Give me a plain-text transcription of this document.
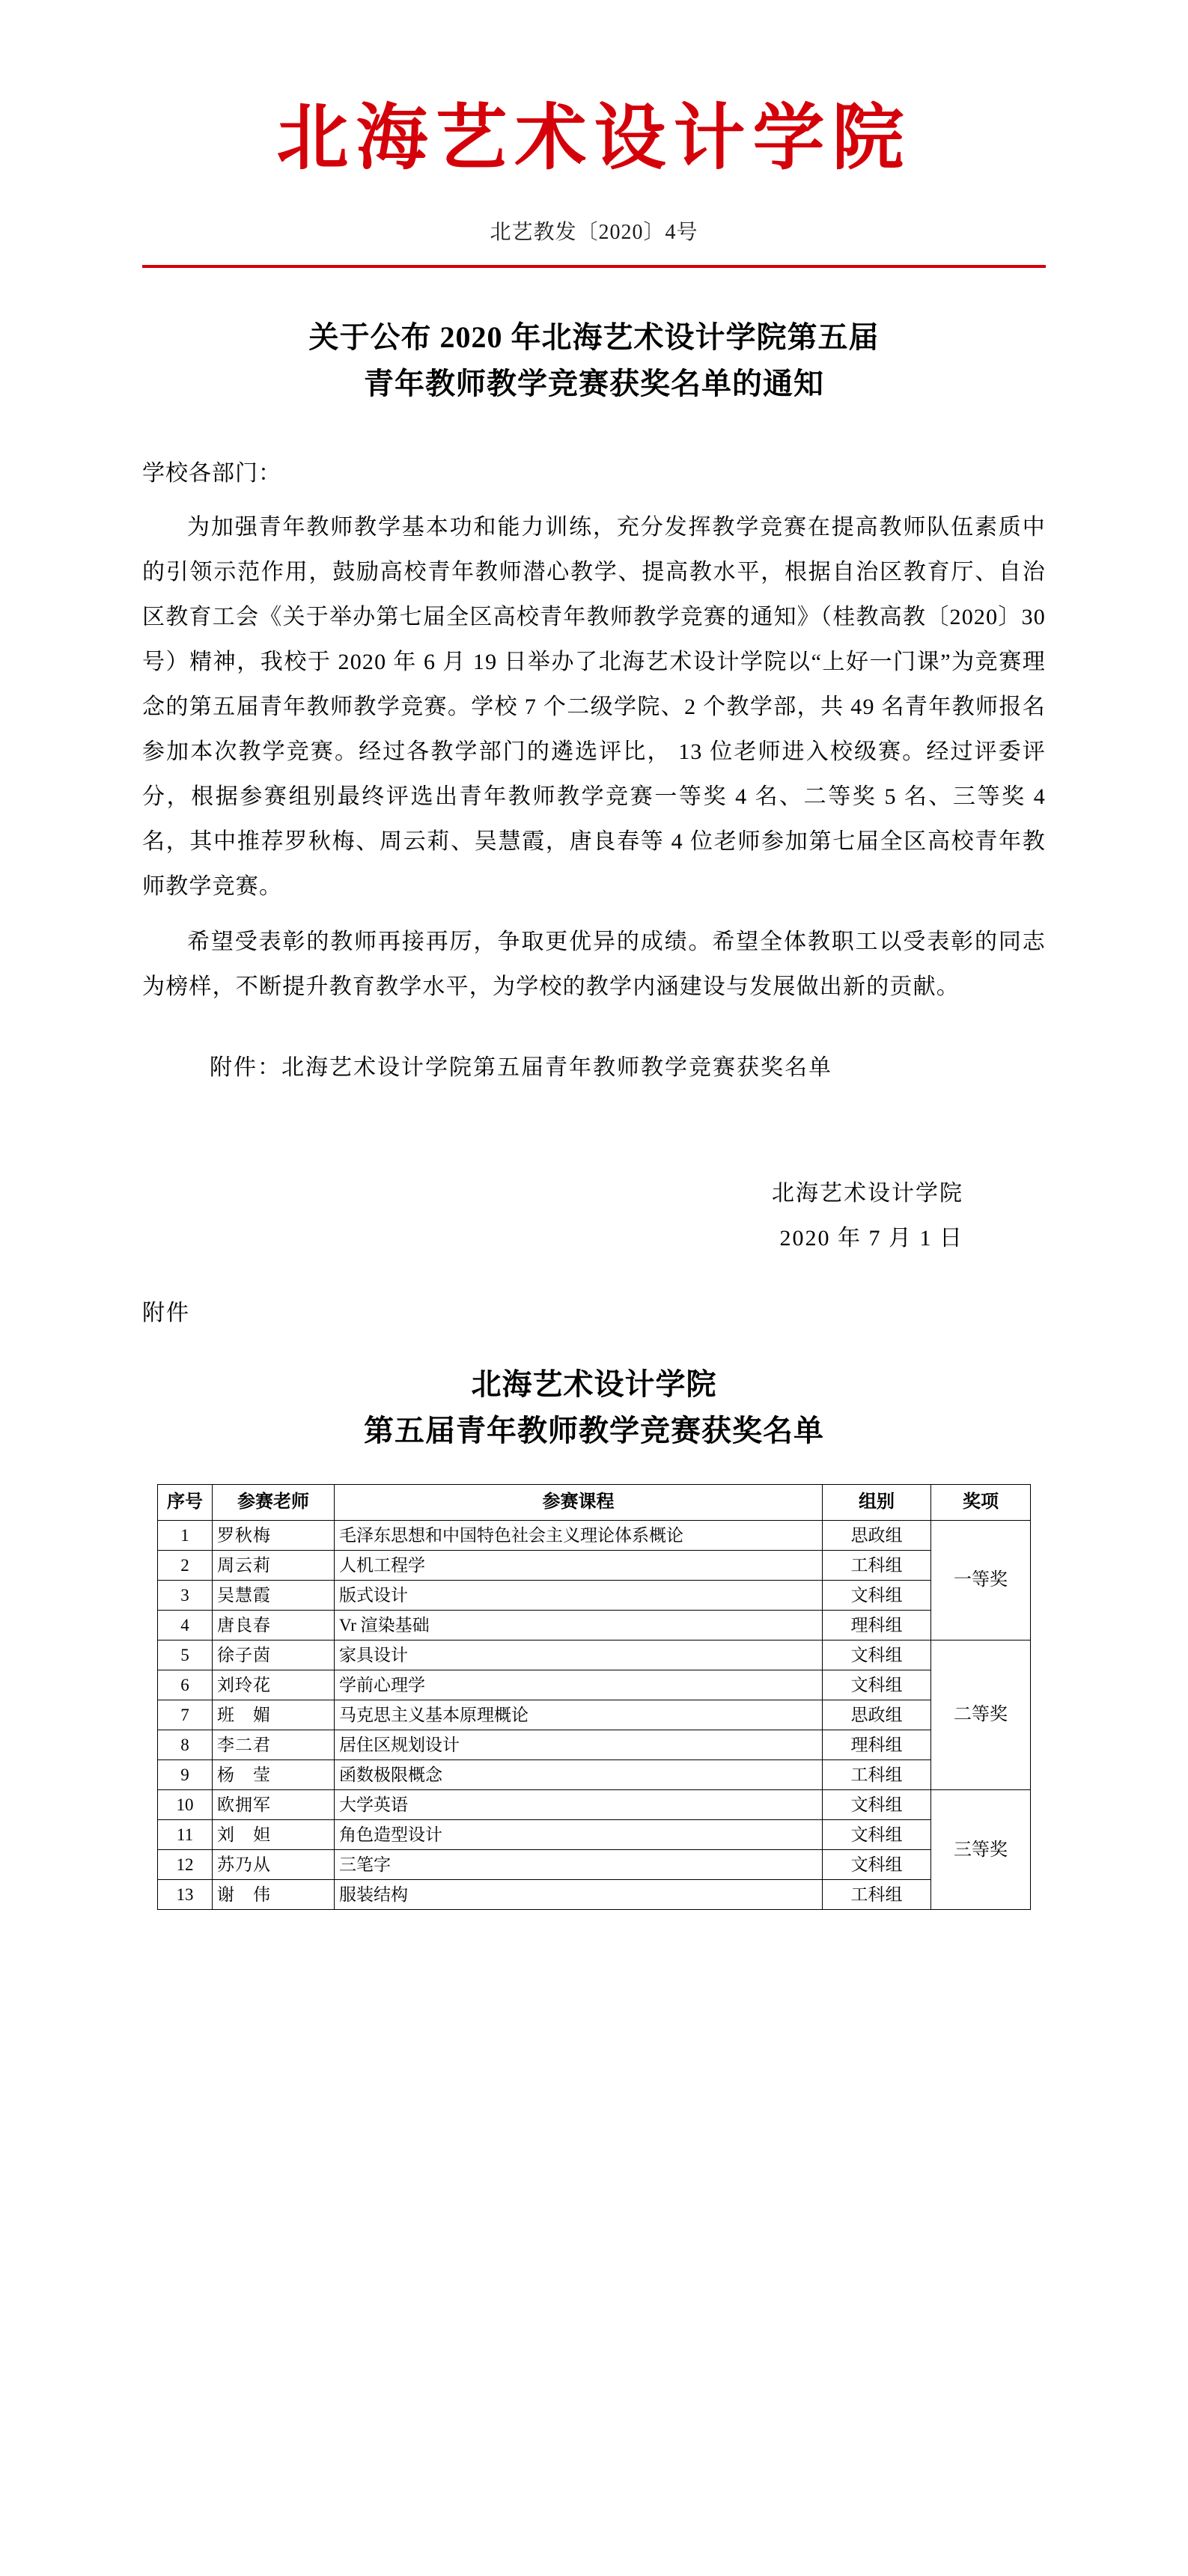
北海艺术设计学院
北艺教发〔2020〕4号
关于公布 2020 年北海艺术设计学院第五届
青年教师教学竞赛获奖名单的通知
学校各部门：
为加强青年教师教学基本功和能力训练，充分发挥教学竞赛在提高教师队伍素质中的引领示范作用，鼓励高校青年教师潜心教学、提高教水平，根据自治区教育厅、自治区教育工会《关于举办第七届全区高校青年教师教学竞赛的通知》（桂教高教〔2020〕30 号）精神，我校于 2020 年 6 月 19 日举办了北海艺术设计学院以“上好一门课”为竞赛理念的第五届青年教师教学竞赛。学校 7 个二级学院、2 个教学部，共 49 名青年教师报名参加本次教学竞赛。经过各教学部门的遴选评比， 13 位老师进入校级赛。经过评委评分，根据参赛组别最终评选出青年教师教学竞赛一等奖 4 名、二等奖 5 名、三等奖 4 名，其中推荐罗秋梅、周云莉、吴慧霞，唐良春等 4 位老师参加第七届全区高校青年教师教学竞赛。
希望受表彰的教师再接再厉，争取更优异的成绩。希望全体教职工以受表彰的同志为榜样，不断提升教育教学水平，为学校的教学内涵建设与发展做出新的贡献。
附件：北海艺术设计学院第五届青年教师教学竞赛获奖名单
北海艺术设计学院
2020 年 7 月 1 日
附件
北海艺术设计学院
第五届青年教师教学竞赛获奖名单
序号	参赛老师	参赛课程	组别	奖项
1	罗秋梅	毛泽东思想和中国特色社会主义理论体系概论	思政组	一等奖
2	周云莉	人机工程学	工科组	
3	吴慧霞	版式设计	文科组	
4	唐良春	Vr 渲染基础	理科组	
5	徐子茵	家具设计	文科组	二等奖
6	刘玲花	学前心理学	文科组	
7	班　媚	马克思主义基本原理概论	思政组	
8	李二君	居住区规划设计	理科组	
9	杨　莹	函数极限概念	工科组	
10	欧拥军	大学英语	文科组	三等奖
11	刘　妲	角色造型设计	文科组	
12	苏乃从	三笔字	文科组	
13	谢　伟	服装结构	工科组	
